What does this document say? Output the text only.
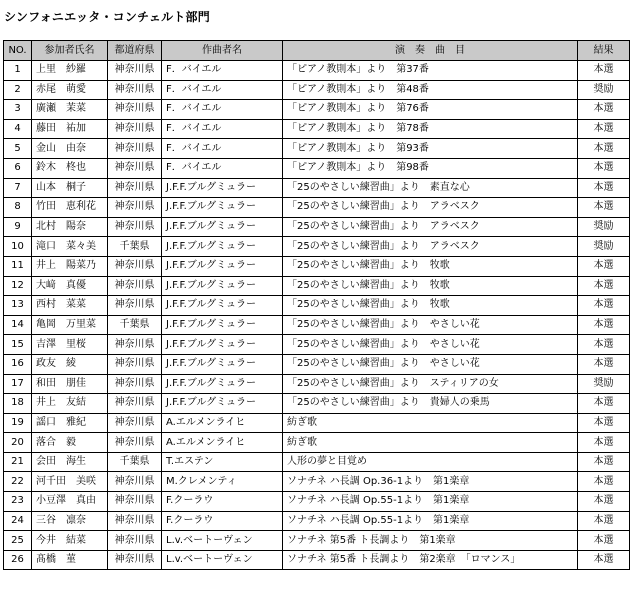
シンフォニエッタ・コンチェルト部門
NO.	参加者氏名	都道府県	作曲者名	演　奏　曲　目	結果
1	上里　紗羅	神奈川県	F．バイエル	「ピアノ教則本」より　第37番	本選
2	赤尾　萌愛	神奈川県	F．バイエル	「ピアノ教則本」より　第48番	奨励
3	廣瀬　茉菜	神奈川県	F．バイエル	「ピアノ教則本」より　第76番	本選
4	藤田　祐加	神奈川県	F．バイエル	「ピアノ教則本」より　第78番	本選
5	金山　由奈	神奈川県	F．バイエル	「ピアノ教則本」より　第93番	本選
6	鈴木　柊也	神奈川県	F．バイエル	「ピアノ教則本」より　第98番	本選
7	山本　桐子	神奈川県	J.F.F.ブルグミュラー	「25のやさしい練習曲」より　素直な心	本選
8	竹田　恵利花	神奈川県	J.F.F.ブルグミュラー	「25のやさしい練習曲」より　アラベスク	本選
9	北村　陽奈	神奈川県	J.F.F.ブルグミュラー	「25のやさしい練習曲」より　アラベスク	奨励
10	滝口　菜々美	千葉県	J.F.F.ブルグミュラー	「25のやさしい練習曲」より　アラベスク	奨励
11	井上　陽菜乃	神奈川県	J.F.F.ブルグミュラー	「25のやさしい練習曲」より　牧歌	本選
12	大﨑　真優	神奈川県	J.F.F.ブルグミュラー	「25のやさしい練習曲」より　牧歌	本選
13	西村　菜菜	神奈川県	J.F.F.ブルグミュラー	「25のやさしい練習曲」より　牧歌	本選
14	亀岡　万里菜	千葉県	J.F.F.ブルグミュラー	「25のやさしい練習曲」より　やさしい花	本選
15	吉澤　里桜	神奈川県	J.F.F.ブルグミュラー	「25のやさしい練習曲」より　やさしい花	本選
16	政友　綾	神奈川県	J.F.F.ブルグミュラー	「25のやさしい練習曲」より　やさしい花	本選
17	和田　朋佳	神奈川県	J.F.F.ブルグミュラー	「25のやさしい練習曲」より　スティリアの女	奨励
18	井上　友結	神奈川県	J.F.F.ブルグミュラー	「25のやさしい練習曲」より　貴婦人の乗馬	本選
19	謡口　雅紀	神奈川県	A.エルメンライヒ	紡ぎ歌	本選
20	落合　毅	神奈川県	A.エルメンライヒ	紡ぎ歌	本選
21	会田　海生	千葉県	T.エステン	人形の夢と目覚め	本選
22	河千田　美咲	神奈川県	M.クレメンティ	ソナチネ ハ長調 Op.36-1より　第1楽章	本選
23	小豆澤　真由	神奈川県	F.クーラウ	ソナチネ ハ長調 Op.55-1より　第1楽章	本選
24	三谷　凛奈	神奈川県	F.クーラウ	ソナチネ ハ長調 Op.55-1より　第1楽章	本選
25	今井　結菜	神奈川県	L.v.ベートーヴェン	ソナチネ 第5番 ト長調より　第1楽章	本選
26	髙橋　菫	神奈川県	L.v.ベートーヴェン	ソナチネ 第5番 ト長調より　第2楽章　「ロマンス」	本選
